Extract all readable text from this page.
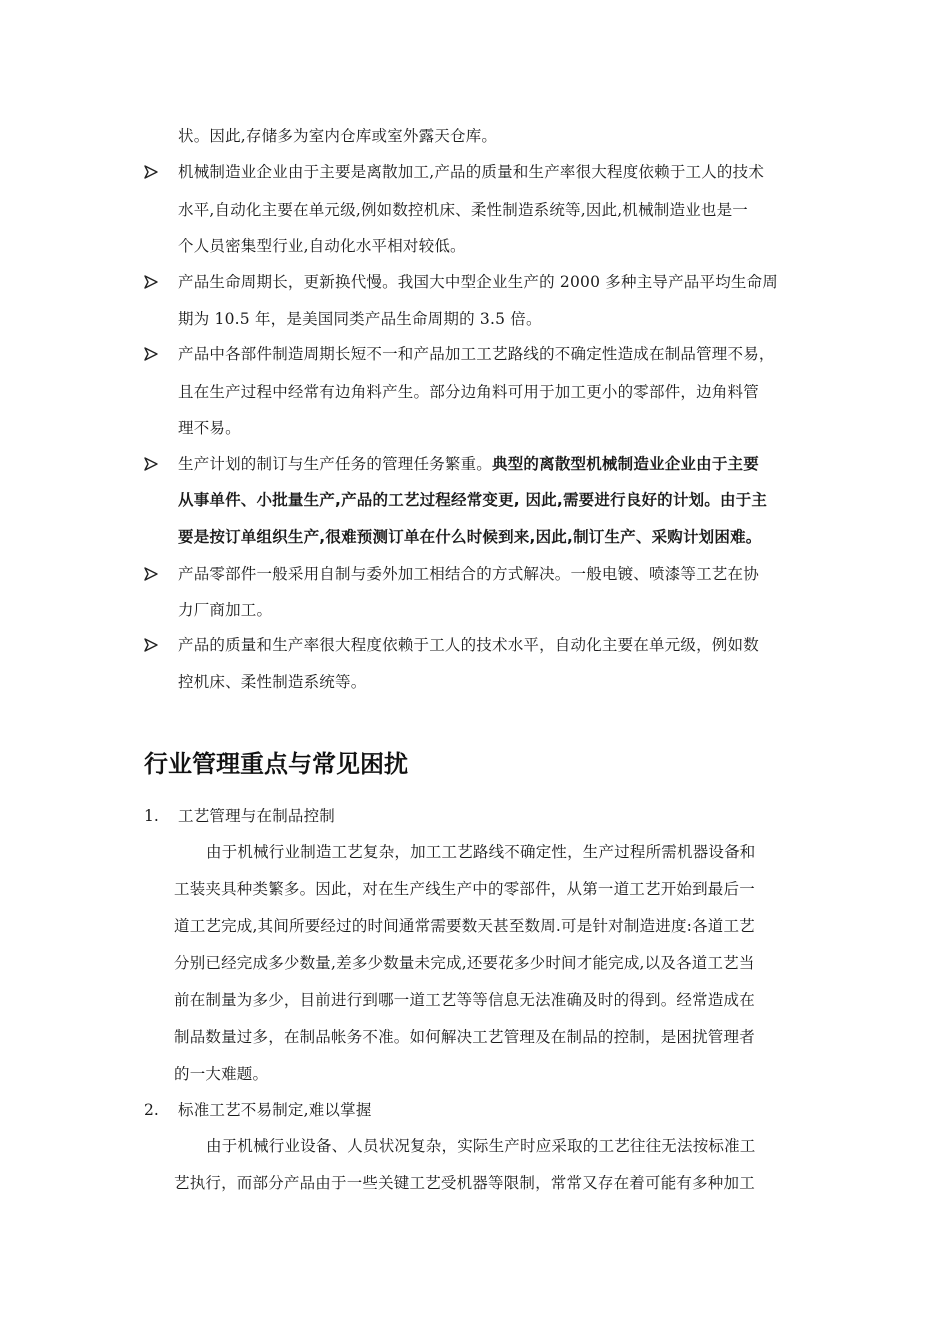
状。因此,存储多为室内仓库或室外露天仓库。
机械制造业企业由于主要是离散加工,产品的质量和生产率很大程度依赖于工人的技术
水平,自动化主要在单元级,例如数控机床、柔性制造系统等,因此,机械制造业也是一
个人员密集型行业,自动化水平相对较低。
产品生命周期长，更新换代慢。我国大中型企业生产的 2000 多种主导产品平均生命周
期为 10.5 年，是美国同类产品生命周期的 3.5 倍。
产品中各部件制造周期长短不一和产品加工工艺路线的不确定性造成在制品管理不易，
且在生产过程中经常有边角料产生。部分边角料可用于加工更小的零部件，边角料管
理不易。
生产计划的制订与生产任务的管理任务繁重。典型的离散型机械制造业企业由于主要
从事单件、小批量生产,产品的工艺过程经常变更, 因此,需要进行良好的计划。由于主
要是按订单组织生产,很难预测订单在什么时候到来,因此,制订生产、采购计划困难。
产品零部件一般采用自制与委外加工相结合的方式解决。一般电镀、喷漆等工艺在协
力厂商加工。
产品的质量和生产率很大程度依赖于工人的技术水平，自动化主要在单元级，例如数
控机床、柔性制造系统等。
行业管理重点与常见困扰
1. 工艺管理与在制品控制
由于机械行业制造工艺复杂，加工工艺路线不确定性，生产过程所需机器设备和
工装夹具种类繁多。因此，对在生产线生产中的零部件，从第一道工艺开始到最后一
道工艺完成,其间所要经过的时间通常需要数天甚至数周.可是针对制造进度:各道工艺
分别已经完成多少数量,差多少数量未完成,还要花多少时间才能完成,以及各道工艺当
前在制量为多少，目前进行到哪一道工艺等等信息无法准确及时的得到。经常造成在
制品数量过多，在制品帐务不准。如何解决工艺管理及在制品的控制，是困扰管理者
的一大难题。
2. 标准工艺不易制定,难以掌握
由于机械行业设备、人员状况复杂，实际生产时应采取的工艺往往无法按标准工
艺执行，而部分产品由于一些关键工艺受机器等限制，常常又存在着可能有多种加工
